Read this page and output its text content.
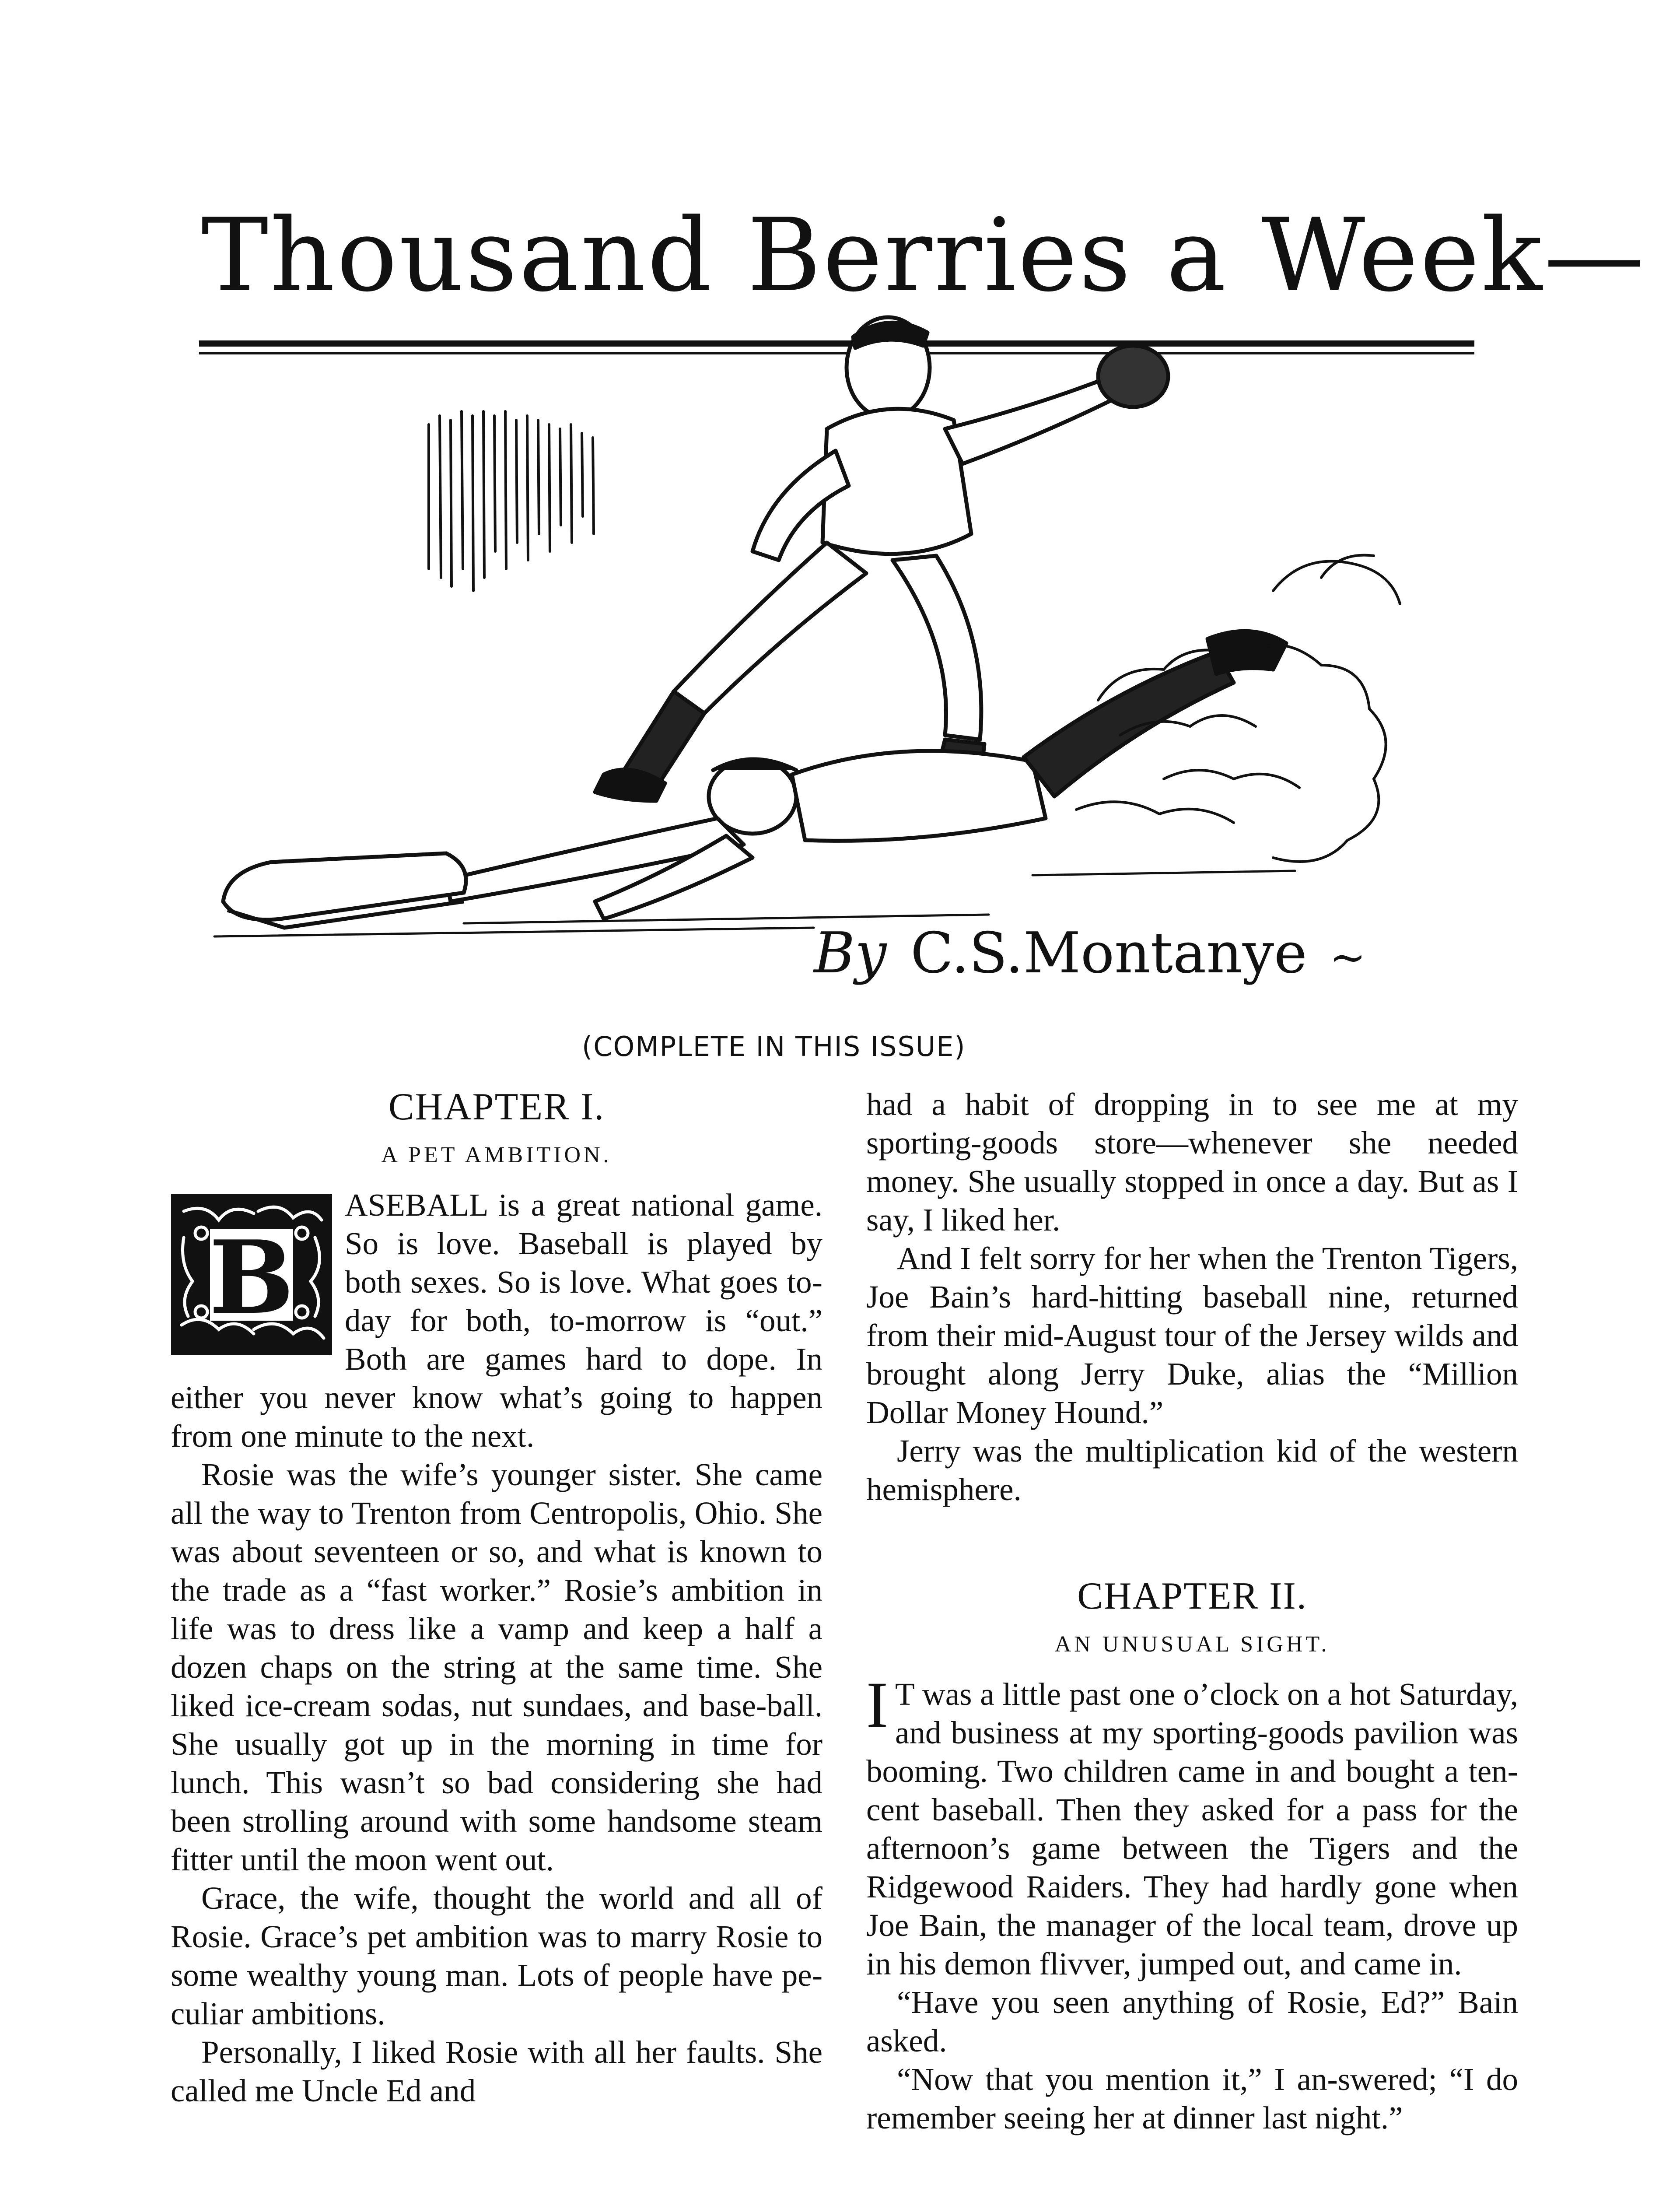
Thousand Berries a Week—
By C.S.Montanye ~
(COMPLETE IN THIS ISSUE)
CHAPTER I.
A PET AMBITION.
B

ASEBALL is a great national game. So is love. Baseball is played by both sexes. So is love. What goes to-day for both, to-morrow is “out.” Both are games hard to dope. In either you never know what’s going to happen from one minute to the next.

Rosie was the wife’s younger sister. She came all the way to Trenton from Centropolis, Ohio. She was about seventeen or so, and what is known to the trade as a “fast worker.” Rosie’s ambition in life was to dress like a vamp and keep a half a dozen chaps on the string at the same time. She liked ice-cream sodas, nut sundaes, and base-ball. She usually got up in the morning in time for lunch. This wasn’t so bad considering she had been strolling around with some handsome steam fitter until the moon went out.

Grace, the wife, thought the world and all of Rosie. Grace’s pet ambition was to marry Rosie to some wealthy young man. Lots of people have pe-culiar ambitions.

Personally, I liked Rosie with all her faults. She called me Uncle Ed and

had a habit of dropping in to see me at my sporting-goods store—whenever she needed money. She usually stopped in once a day. But as I say, I liked her.

And I felt sorry for her when the Trenton Tigers, Joe Bain’s hard-hitting baseball nine, returned from their mid-August tour of the Jersey wilds and brought along Jerry Duke, alias the “Million Dollar Money Hound.”

Jerry was the multiplication kid of the western hemisphere.

CHAPTER II.
AN UNUSUAL SIGHT.
I T was a little past one o’clock on a hot Saturday, and business at my sporting-goods pavilion was booming. Two children came in and bought a ten-cent baseball. Then they asked for a pass for the afternoon’s game between the Tigers and the Ridgewood Raiders. They had hardly gone when Joe Bain, the manager of the local team, drove up in his demon flivver, jumped out, and came in.

“Have you seen anything of Rosie, Ed?” Bain asked.

“Now that you mention it,” I an-swered; “I do remember seeing her at dinner last night.”
